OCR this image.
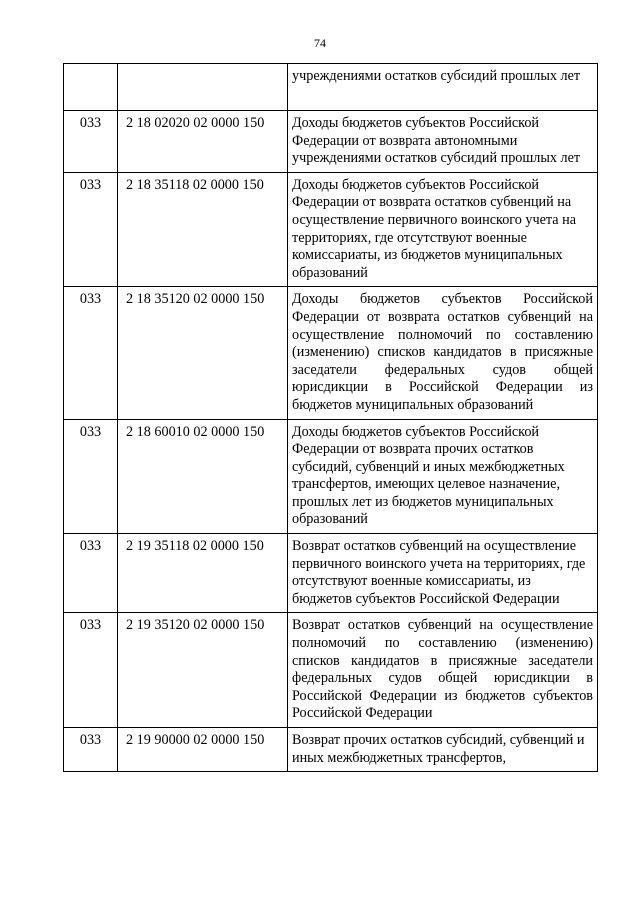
74
		учреждениями остатков субсидий прошлых лет
033	2 18 02020 02 0000 150	Доходы бюджетов субъектов Российской Федерации от возврата автономными учреждениями остатков субсидий прошлых лет
033	2 18 35118 02 0000 150	Доходы бюджетов субъектов Российской Федерации от возврата остатков субвенций на осуществление первичного воинского учета на территориях, где отсутствуют военные комиссариаты, из бюджетов муниципальных образований
033	2 18 35120 02 0000 150	Доходы бюджетов субъектов Российской Федерации от возврата остатков субвенций на осуществление полномочий по составлению (изменению) списков кандидатов в присяжные заседатели федеральных судов общей юрисдикции в Российской Федерации из бюджетов муниципальных образований
033	2 18 60010 02 0000 150	Доходы бюджетов субъектов Российской Федерации от возврата прочих остатков субсидий, субвенций и иных межбюджетных трансфертов, имеющих целевое назначение, прошлых лет из бюджетов муниципальных образований
033	2 19 35118 02 0000 150	Возврат остатков субвенций на осуществление первичного воинского учета на территориях, где отсутствуют военные комиссариаты, из бюджетов субъектов Российской Федерации
033	2 19 35120 02 0000 150	Возврат остатков субвенций на осуществление полномочий по составлению (изменению) списков кандидатов в присяжные заседатели федеральных судов общей юрисдикции в Российской Федерации из бюджетов субъектов Российской Федерации
033	2 19 90000 02 0000 150	Возврат прочих остатков субсидий, субвенций и иных межбюджетных трансфертов,
